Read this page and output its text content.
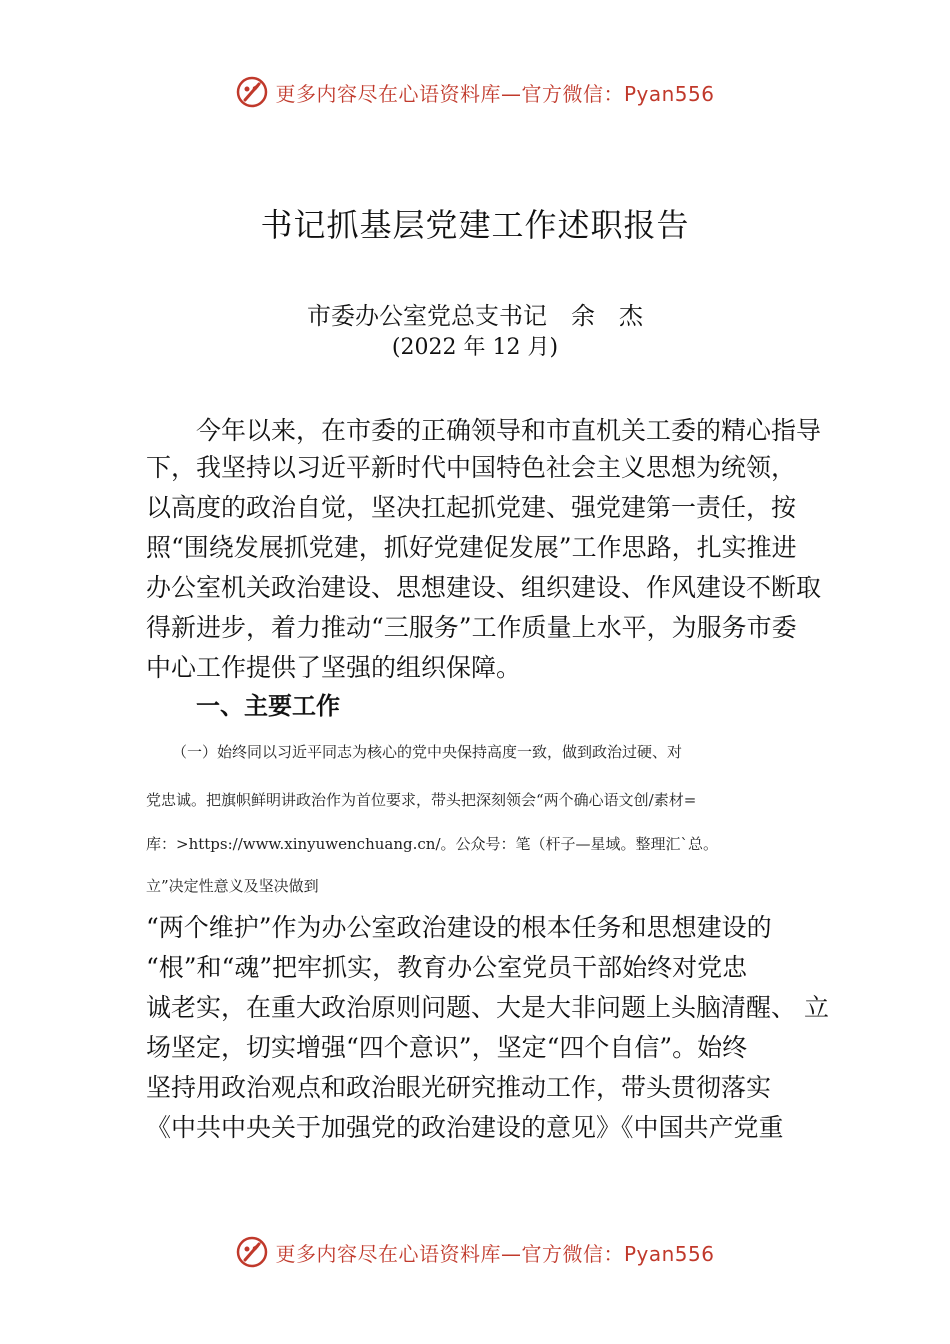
更多内容尽在心语资料库—官方微信：Pyan556
书记抓基层党建工作述职报告
市委办公室党总支书记　余　杰
(2022 年 12 月)
今年以来，在市委的正确领导和市直机关工委的精心指导
下，我坚持以习近平新时代中国特色社会主义思想为统领，
以高度的政治自觉，坚决扛起抓党建、强党建第一责任，按
照“围绕发展抓党建，抓好党建促发展”工作思路，扎实推进
办公室机关政治建设、思想建设、组织建设、作风建设不断取
得新进步，着力推动“三服务”工作质量上水平，为服务市委
中心工作提供了坚强的组织保障。
一、主要工作
（一）始终同以习近平同志为核心的党中央保持高度一致，做到政治过硬、对
党忠诚。把旗帜鲜明讲政治作为首位要求，带头把深刻领会“两个确心语文创/素材=
库：>https://www.xinyuwenchuang.cn/。公众号：笔（杆子—星域。整理汇`总。
立”决定性意义及坚决做到
“两个维护”作为办公室政治建设的根本任务和思想建设的
“根”和“魂”把牢抓实，教育办公室党员干部始终对党忠
诚老实，在重大政治原则问题、大是大非问题上头脑清醒、 立
场坚定，切实增强“四个意识”，坚定“四个自信”。始终
坚持用政治观点和政治眼光研究推动工作，带头贯彻落实
《中共中央关于加强党的政治建设的意见》《中国共产党重
更多内容尽在心语资料库—官方微信：Pyan556
